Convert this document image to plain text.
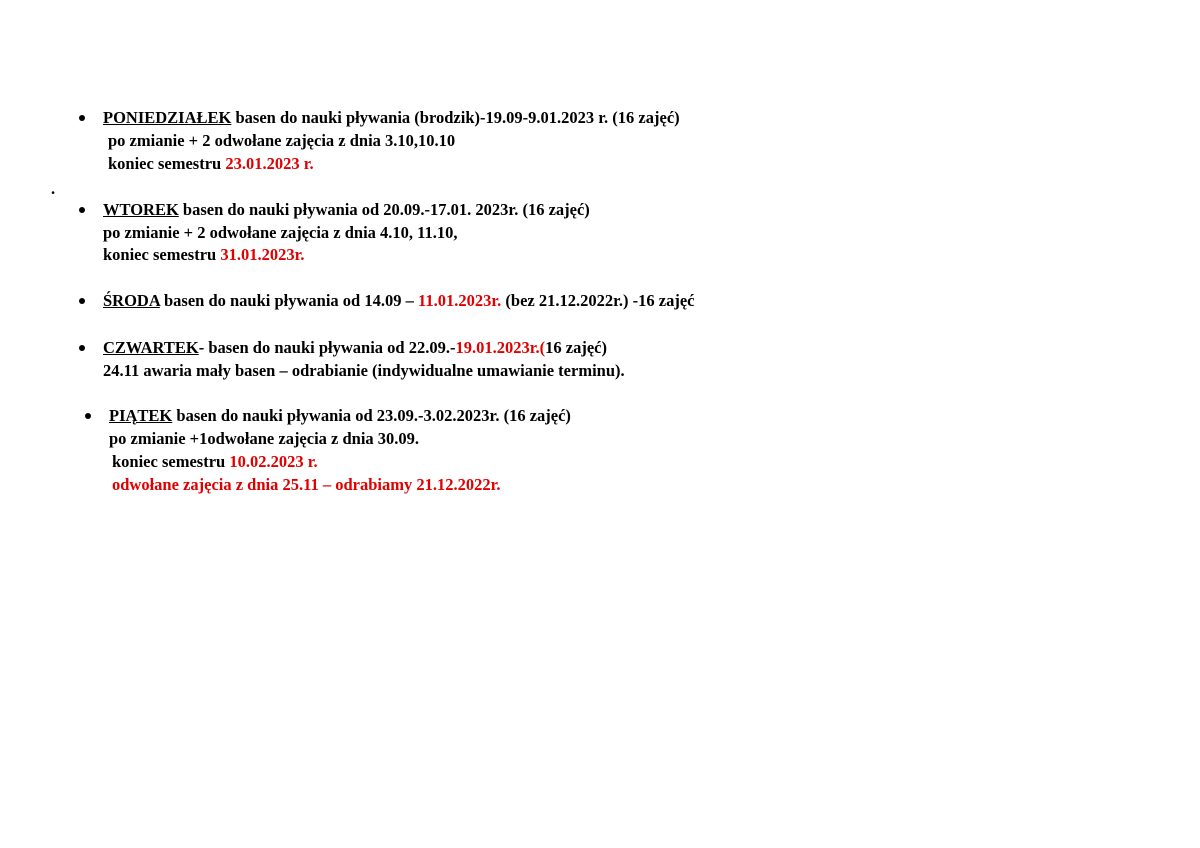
PONIEDZIAŁEK basen do nauki pływania (brodzik)-19.09-9.01.2023 r. (16 zajęć)
po zmianie + 2 odwołane zajęcia z dnia 3.10,10.10
koniec semestru 23.01.2023 r.
.
WTOREK basen do nauki pływania od 20.09.-17.01. 2023r. (16 zajęć)
po zmianie + 2 odwołane zajęcia z dnia 4.10, 11.10,
koniec semestru 31.01.2023r.
ŚRODA basen do nauki pływania od 14.09 – 11.01.2023r. (bez 21.12.2022r.) -16 zajęć
CZWARTEK- basen do nauki pływania od 22.09.-19.01.2023r.(16 zajęć)
24.11 awaria mały basen – odrabianie (indywidualne umawianie terminu).
PIĄTEK basen do nauki pływania od 23.09.-3.02.2023r. (16 zajęć)
po zmianie +1odwołane zajęcia z dnia 30.09.
koniec semestru 10.02.2023 r.
odwołane zajęcia z dnia 25.11 – odrabiamy 21.12.2022r.
